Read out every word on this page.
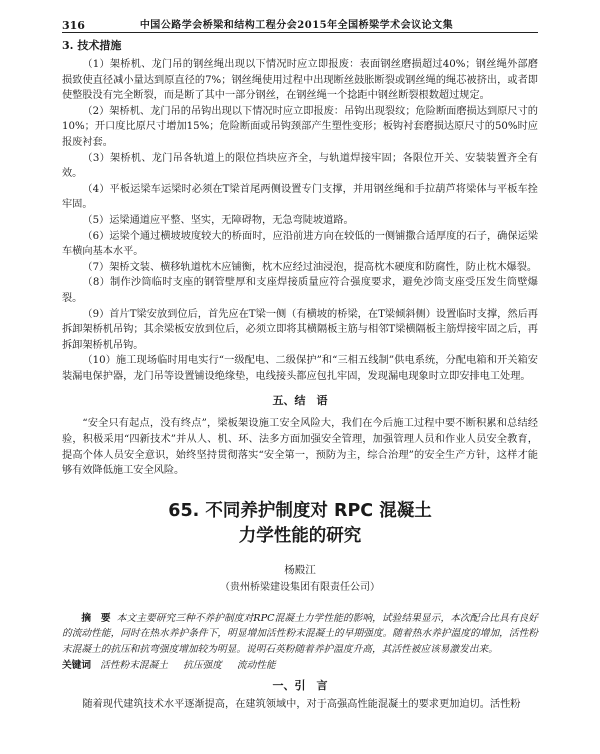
316	中国公路学会桥梁和结构工程分会2015年全国桥梁学术会议论文集
3. 技术措施

（1）架桥机、龙门吊的钢丝绳出现以下情况时应立即报废：表面钢丝磨损超过40%；钢丝绳外部磨损致使直径减小量达到原直径的7%；钢丝绳使用过程中出现断丝鼓胀断裂或钢丝绳的绳芯被挤出，或者即使整股没有完全断裂，而是断了其中一部分钢丝，在钢丝绳一个捻距中钢丝断裂根数超过规定。

（2）架桥机、龙门吊的吊钩出现以下情况时应立即报废：吊钩出现裂纹；危险断面磨损达到原尺寸的10%；开口度比原尺寸增加15%；危险断面或吊钩颈部产生塑性变形；板钩衬套磨损达原尺寸的50%时应报废衬套。

（3）架桥机、龙门吊各轨道上的限位挡块应齐全，与轨道焊接牢固；各限位开关、安装装置齐全有效。

（4）平板运梁车运梁时必须在T梁首尾两侧设置专门支撑，并用钢丝绳和手拉葫芦将梁体与平板车拴牢固。

（5）运梁通道应平整、坚实，无障碍物，无急弯陡坡道路。

（6）运梁个通过横坡坡度较大的桥面时，应沿前进方向在较低的一侧铺撒合适厚度的石子，确保运梁车横向基本水平。

（7）架桥文装、横移轨道枕木应铺衡，枕木应经过油浸泡，提高枕木硬度和防腐性，防止枕木爆裂。

（8）制作沙筒临时支座的钢管壁厚和支座焊接质量应符合强度要求，避免沙筒支座受压发生筒壁爆裂。

（9）首片T梁安放到位后，首先应在T梁一侧（有横坡的桥梁，在T梁倾斜侧）设置临时支撑，然后再拆卸架桥机吊钩；其余梁板安放到位后，必须立即将其横隔板主筋与相邻T梁横隔板主筋焊接牢固之后，再拆卸架桥机吊钩。

（10）施工现场临时用电实行“一级配电、二级保护”和“三相五线制”供电系统，分配电箱和开关箱安装漏电保护器，龙门吊等设置铺设绝缘垫，电线接头都应包扎牢固，发现漏电现象时立即安排电工处理。

五、结　语

“安全只有起点，没有终点”，梁板架设施工安全风险大，我们在今后施工过程中要不断积累和总结经验，积极采用“四新技术”并从人、机、环、法多方面加强安全管理，加强管理人员和作业人员安全教育，提高个体人员安全意识，始终坚持贯彻落实“安全第一，预防为主，综合治理”的安全生产方针，这样才能够有效降低施工安全风险。

65. 不同养护制度对 RPC 混凝土
力学性能的研究
杨殿江
（贵州桥梁建设集团有限责任公司）
摘　要 本文主要研究三种不养护制度对RPC混凝土力学性能的影响，试验结果显示，本次配合比具有良好的流动性能，同时在热水养护条件下，明显增加活性粉末混凝土的早期强度。随着热水养护温度的增加，活性粉末混凝土的抗压和抗弯强度增加较为明显。说明石英粉随着养护温度升高，其活性被应该易激发出来。
关键词 活性粉末混凝土 抗压强度 流动性能
一、引　言

随着现代建筑技术水平逐渐提高，在建筑领域中，对于高强高性能混凝土的要求更加迫切。活性粉
